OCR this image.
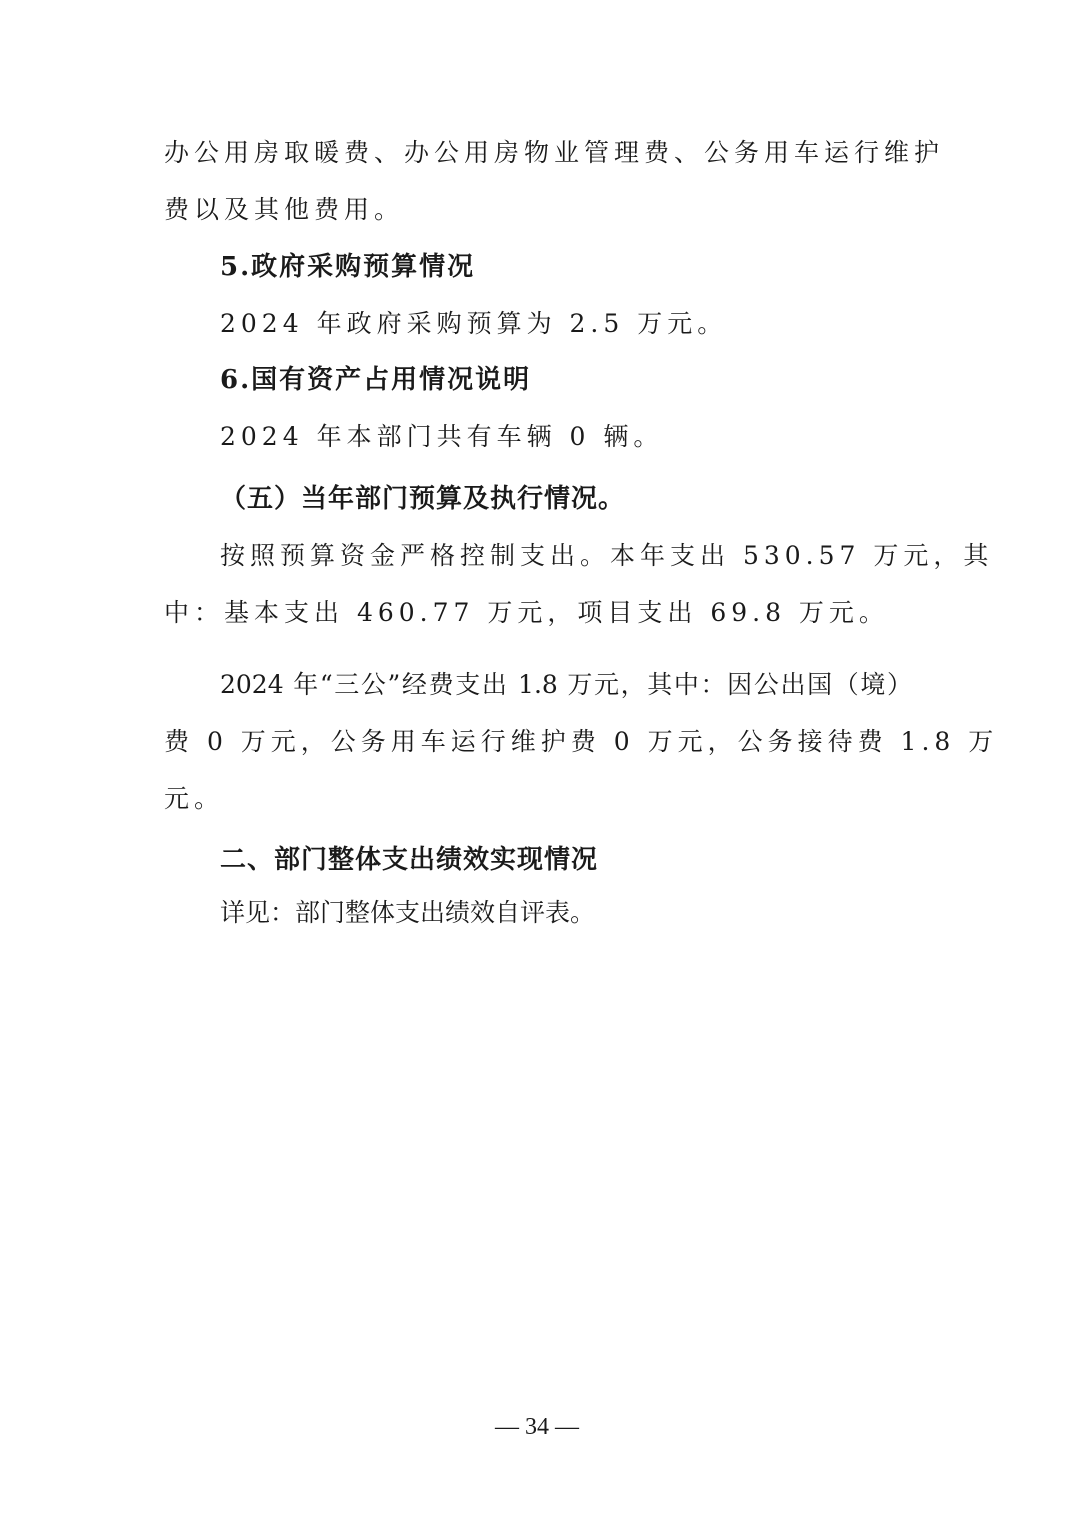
办公用房取暖费、办公用房物业管理费、公务用车运行维护
费以及其他费用。
5.政府采购预算情况
2024 年政府采购预算为 2.5 万元。
6.国有资产占用情况说明
2024 年本部门共有车辆 0 辆。
（五）当年部门预算及执行情况。
按照预算资金严格控制支出。本年支出 530.57 万元，其
中：基本支出 460.77 万元，项目支出 69.8 万元。
2024 年“三公”经费支出 1.8 万元，其中：因公出国（境）
费 0 万元，公务用车运行维护费 0 万元，公务接待费 1.8 万
元。
二、部门整体支出绩效实现情况
详见：部门整体支出绩效自评表。
— 34 —
